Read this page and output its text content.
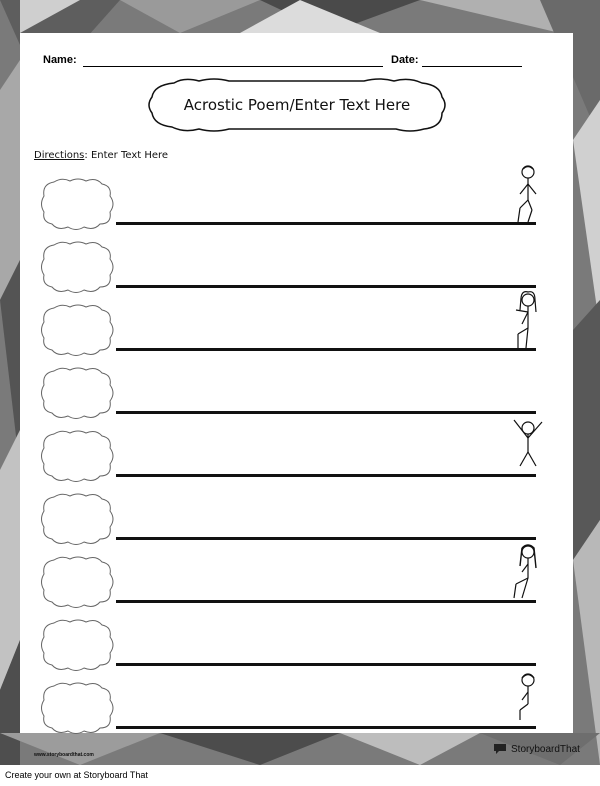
Name:	Date:
Acrostic Poem/Enter Text Here
Directions: Enter Text Here
www.storyboardthat.com
StoryboardThat
Create your own at Storyboard That
